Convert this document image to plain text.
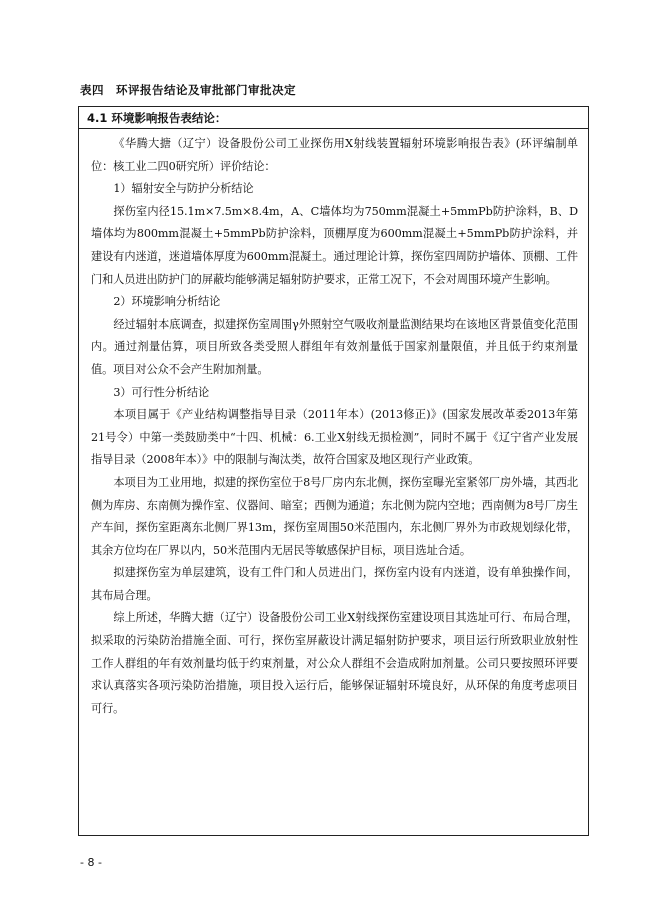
表四　环评报告结论及审批部门审批决定
4.1 环境影响报告表结论：

《华腾大搪（辽宁）设备股份公司工业探伤用X射线装置辐射环境影响报告表》(环评编制单位：核工业二四0研究所）评价结论：

1）辐射安全与防护分析结论

探伤室内径15.1m×7.5m×8.4m，A、C墙体均为750mm混凝土+5mmPb防护涂料，B、D墙体均为800mm混凝土+5mmPb防护涂料，顶棚厚度为600mm混凝土+5mmPb防护涂料，并建设有内迷道，迷道墙体厚度为600mm混凝土。通过理论计算，探伤室四周防护墙体、顶棚、工件门和人员进出防护门的屏蔽均能够满足辐射防护要求，正常工况下，不会对周围环境产生影响。

2）环境影响分析结论

经过辐射本底调查，拟建探伤室周围γ外照射空气吸收剂量监测结果均在该地区背景值变化范围内。通过剂量估算，项目所致各类受照人群组年有效剂量低于国家剂量限值，并且低于约束剂量值。项目对公众不会产生附加剂量。

3）可行性分析结论

本项目属于《产业结构调整指导目录（2011年本）(2013修正)》(国家发展改革委2013年第21号令）中第一类鼓励类中“十四、机械：6.工业X射线无损检测”，同时不属于《辽宁省产业发展指导目录（2008年本）》中的限制与淘汰类，故符合国家及地区现行产业政策。

本项目为工业用地，拟建的探伤室位于8号厂房内东北侧，探伤室曝光室紧邻厂房外墙，其西北侧为库房、东南侧为操作室、仪器间、暗室；西侧为通道；东北侧为院内空地；西南侧为8号厂房生产车间，探伤室距离东北侧厂界13m，探伤室周围50米范围内，东北侧厂界外为市政规划绿化带，其余方位均在厂界以内，50米范围内无居民等敏感保护目标，项目选址合适。

拟建探伤室为单层建筑，设有工件门和人员进出门，探伤室内设有内迷道，设有单独操作间，其布局合理。

综上所述，华腾大搪（辽宁）设备股份公司工业X射线探伤室建设项目其选址可行、布局合理，拟采取的污染防治措施全面、可行，探伤室屏蔽设计满足辐射防护要求，项目运行所致职业放射性工作人群组的年有效剂量均低于约束剂量，对公众人群组不会造成附加剂量。公司只要按照环评要求认真落实各项污染防治措施，项目投入运行后，能够保证辐射环境良好，从环保的角度考虑项目可行。

- 8 -
